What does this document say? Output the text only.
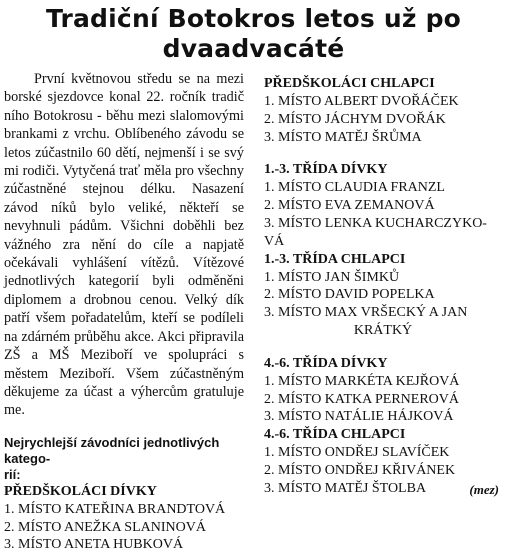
Tradiční Botokros letos už po
dvaadvacáté
První květnovou středu se na mezi borské sjezdovce konal 22. ročník tradič ního Botokrosu - běhu mezi slalomovými brankami z vrchu. Oblíbeného závodu se letos zúčastnilo 60 dětí, nejmenší i se svý mi rodiči. Vytyčená trať měla pro všechny zúčastněné stejnou délku. Nasazení závod níků bylo veliké, někteří se nevyhnuli pádům. Všichni doběhli bez vážného zra nění do cíle a napjatě očekávali vyhlášení vítězů. Vítězové jednotlivých kategorií byli odměněni diplomem a drobnou cenou. Velký dík patří všem pořadatelům, kteří se podíleli na zdárném průběhu akce. Akci připravila ZŠ a MŠ Meziboří ve spolupráci s městem Meziboří. Všem zúčastněným děkujeme za účast a výhercům gratuluje me.
Nejrychlejší závodníci jednotlivých katego-
rií:
PŘEDŠKOLÁCI DÍVKY
1. MÍSTO KATEŘINA BRANDTOVÁ
2. MÍSTO ANEŽKA SLANINOVÁ
3. MÍSTO ANETA HUBKOVÁ
PŘEDŠKOLÁCI CHLAPCI
1. MÍSTO ALBERT DVOŘÁČEK
2. MÍSTO JÁCHYM DVOŘÁK
3. MÍSTO MATĚJ ŠRŮMA
1.-3. TŘÍDA DÍVKY
1. MÍSTO CLAUDIA FRANZL
2. MÍSTO EVA ZEMANOVÁ
3. MÍSTO LENKA KUCHARCZYKO-
VÁ
1.-3. TŘÍDA CHLAPCI
1. MÍSTO JAN ŠIMKŮ
2. MÍSTO DAVID POPELKA
3. MÍSTO MAX VRŠECKÝ A JAN
KRÁTKÝ
4.-6. TŘÍDA DÍVKY
1. MÍSTO MARKÉTA KEJŘOVÁ
2. MÍSTO KATKA PERNEROVÁ
3. MÍSTO NATÁLIE HÁJKOVÁ
4.-6. TŘÍDA CHLAPCI
1. MÍSTO ONDŘEJ SLAVÍČEK
2. MÍSTO ONDŘEJ KŘIVÁNEK
3. MÍSTO MATĚJ ŠTOLBA	(mez)
